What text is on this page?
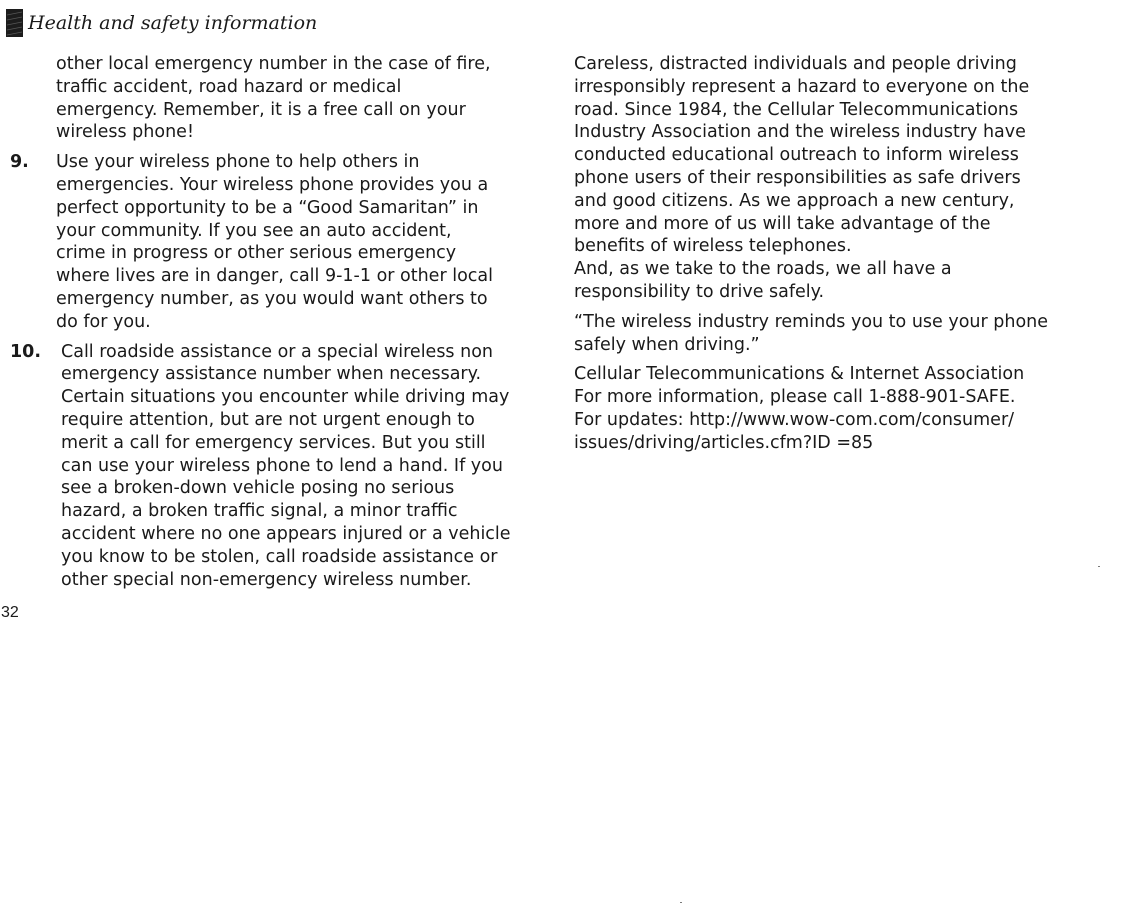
Health and safety information
other local emergency number in the case of fire,
traffic accident, road hazard or medical
emergency. Remember, it is a free call on your
wireless phone!
9. Use your wireless phone to help others in
emergencies. Your wireless phone provides you a
perfect opportunity to be a “Good Samaritan” in
your community. If you see an auto accident,
crime in progress or other serious emergency
where lives are in danger, call 9-1-1 or other local
emergency number, as you would want others to
do for you.
10. Call roadside assistance or a special wireless non
emergency assistance number when necessary.
Certain situations you encounter while driving may
require attention, but are not urgent enough to
merit a call for emergency services. But you still
can use your wireless phone to lend a hand. If you
see a broken-down vehicle posing no serious
hazard, a broken traffic signal, a minor traffic
accident where no one appears injured or a vehicle
you know to be stolen, call roadside assistance or
other special non-emergency wireless number.
Careless, distracted individuals and people driving
irresponsibly represent a hazard to everyone on the
road. Since 1984, the Cellular Telecommunications
Industry Association and the wireless industry have
conducted educational outreach to inform wireless
phone users of their responsibilities as safe drivers
and good citizens. As we approach a new century,
more and more of us will take advantage of the
benefits of wireless telephones.
And, as we take to the roads, we all have a
responsibility to drive safely.
“The wireless industry reminds you to use your phone
safely when driving.”
Cellular Telecommunications & Internet Association
For more information, please call 1-888-901-SAFE.
For updates: http://www.wow-com.com/consumer/
issues/driving/articles.cfm?ID =85
32
